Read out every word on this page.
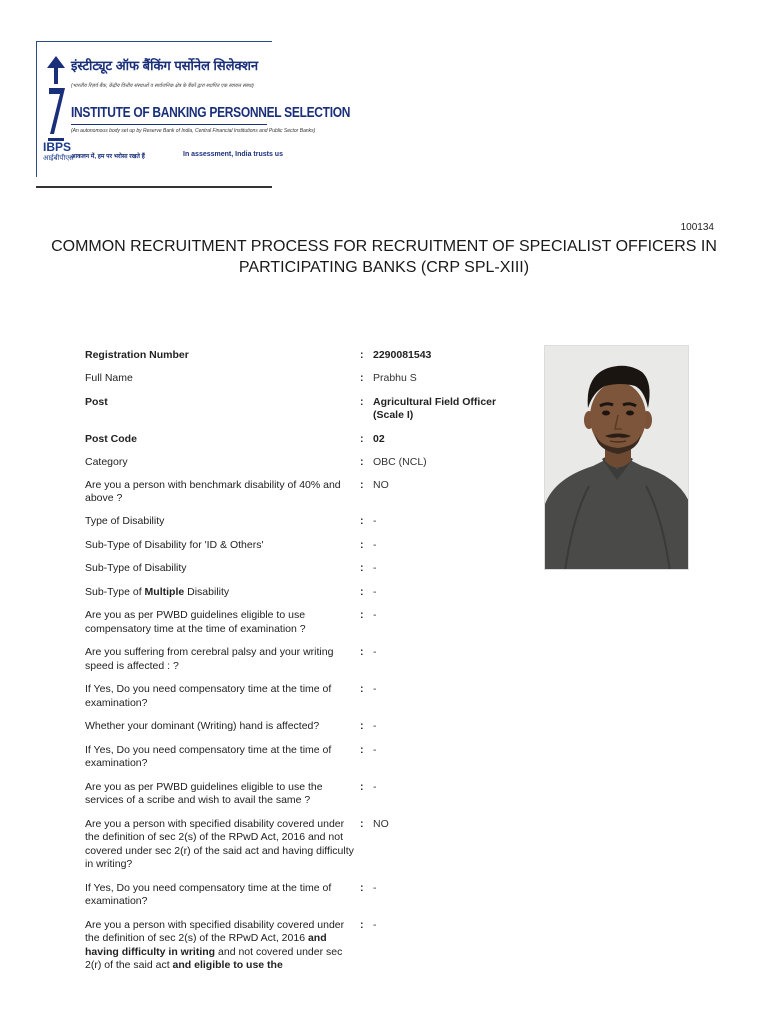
IBPS
आईबीपीएस
इंस्टीट्यूट ऑफ बैंकिंग पर्सोनेल सिलेक्शन
(भारतीय रिज़र्व बैंक, केंद्रीय वित्तीय संस्थाओं व सार्वजनिक क्षेत्र के बैंकों द्वारा स्थापित एक स्वायत्त संस्था)
INSTITUTE OF BANKING PERSONNEL SELECTION
(An autonomous body set up by Reserve Bank of India, Central Financial Institutions and Public Sector Banks)
आकलन में, हम पर भरोसा रखते हैं	In assessment, India trusts us
100134
COMMON RECRUITMENT PROCESS FOR RECRUITMENT OF SPECIALIST OFFICERS IN PARTICIPATING BANKS (CRP SPL-XIII)
Registration Number	: 2290081543
Full Name	: Prabhu S
Post	: Agricultural Field Officer (Scale I)
Post Code	: 02
Category	: OBC (NCL)
Are you a person with benchmark disability of 40% and above ?
: NO
Type of Disability	: -
Sub-Type of Disability for 'ID & Others'	: -
Sub-Type of Disability	: -
Sub-Type of Multiple Disability	: -
Are you as per PWBD guidelines eligible to use compensatory time at the time of examination ?
: -
Are you suffering from cerebral palsy and your writing speed is affected : ?
: -
If Yes, Do you need compensatory time at the time of examination?
: -
Whether your dominant (Writing) hand is affected?	: -
If Yes, Do you need compensatory time at the time of examination?
: -
Are you as per PWBD guidelines eligible to use the services of a scribe and wish to avail the same ?
: -
Are you a person with specified disability covered under the definition of sec 2(s) of the RPwD Act, 2016 and not covered under sec 2(r) of the said act and having difficulty in writing?
: NO
If Yes, Do you need compensatory time at the time of examination?
: -
Are you a person with specified disability covered under the definition of sec 2(s) of the RPwD Act, 2016 and having difficulty in writing and not covered under sec 2(r) of the said act and eligible to use the
: -
